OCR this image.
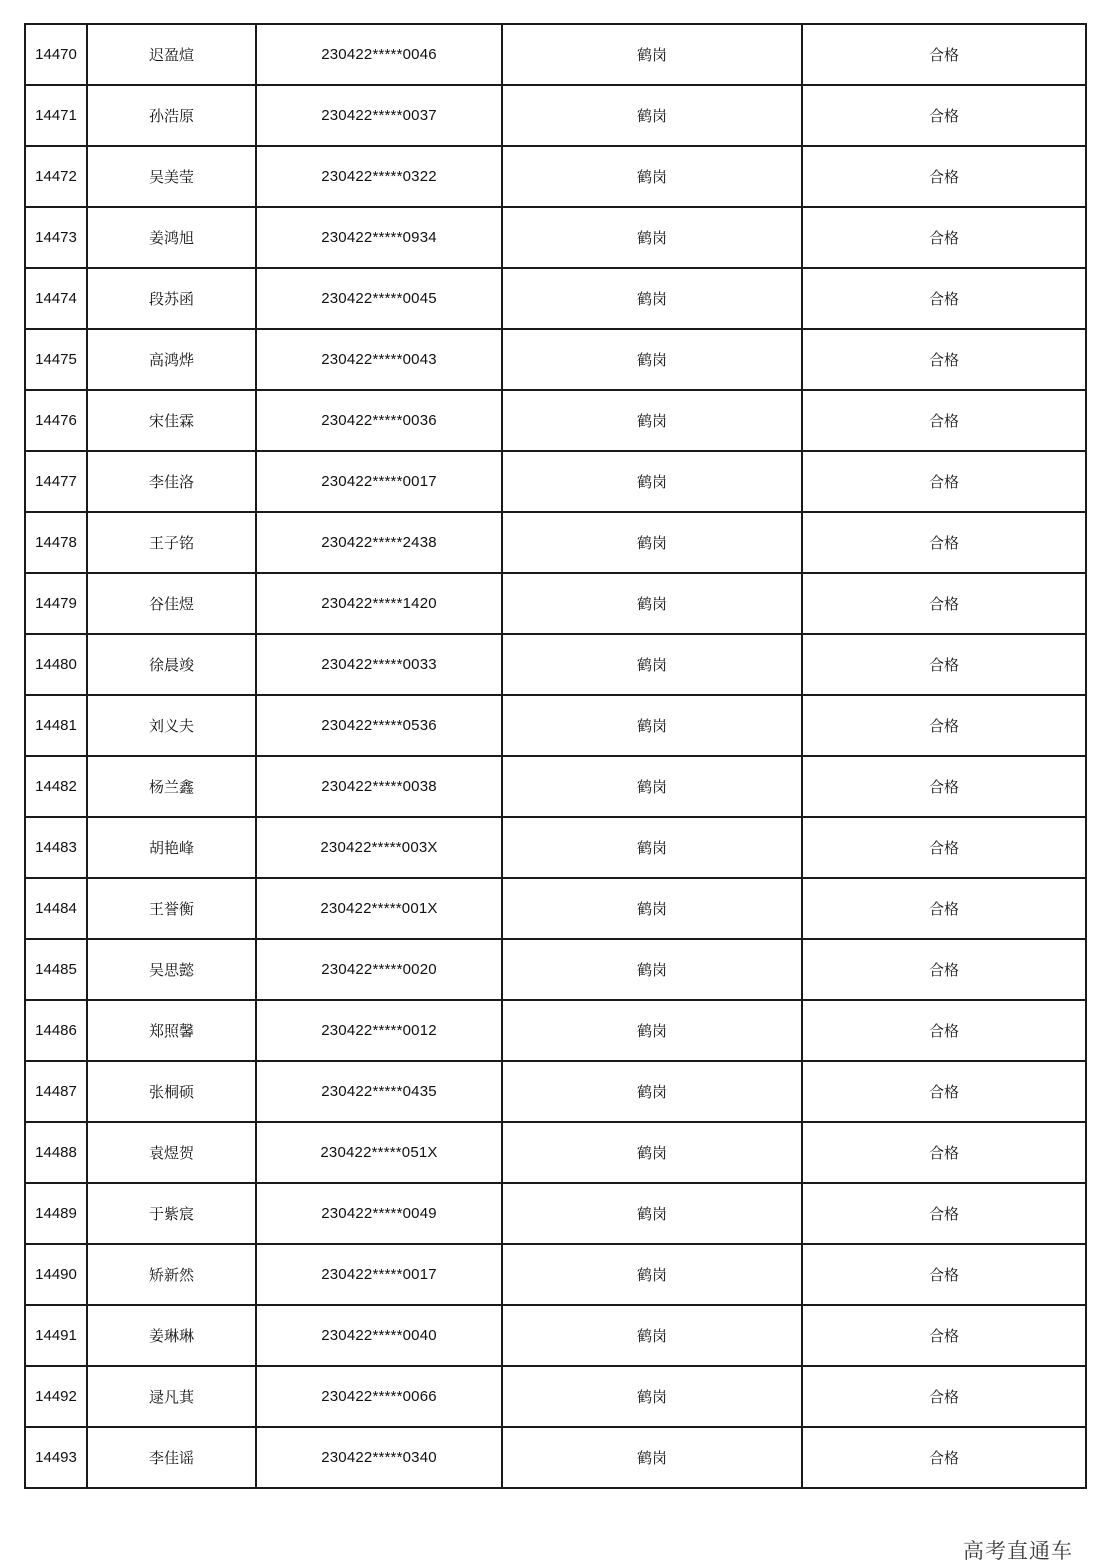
14470	迟盈煊	230422*****0046	鹤岗	合格
14471	孙浩原	230422*****0037	鹤岗	合格
14472	吴美莹	230422*****0322	鹤岗	合格
14473	姜鸿旭	230422*****0934	鹤岗	合格
14474	段苏函	230422*****0045	鹤岗	合格
14475	高鸿烨	230422*****0043	鹤岗	合格
14476	宋佳霖	230422*****0036	鹤岗	合格
14477	李佳洛	230422*****0017	鹤岗	合格
14478	王子铭	230422*****2438	鹤岗	合格
14479	谷佳煜	230422*****1420	鹤岗	合格
14480	徐晨竣	230422*****0033	鹤岗	合格
14481	刘义夫	230422*****0536	鹤岗	合格
14482	杨兰鑫	230422*****0038	鹤岗	合格
14483	胡艳峰	230422*****003X	鹤岗	合格
14484	王誉衡	230422*****001X	鹤岗	合格
14485	吴思懿	230422*****0020	鹤岗	合格
14486	郑照馨	230422*****0012	鹤岗	合格
14487	张桐硕	230422*****0435	鹤岗	合格
14488	袁煜贺	230422*****051X	鹤岗	合格
14489	于紫宸	230422*****0049	鹤岗	合格
14490	矫新然	230422*****0017	鹤岗	合格
14491	姜琳琳	230422*****0040	鹤岗	合格
14492	逯凡萁	230422*****0066	鹤岗	合格
14493	李佳谣	230422*****0340	鹤岗	合格
高考直通车
